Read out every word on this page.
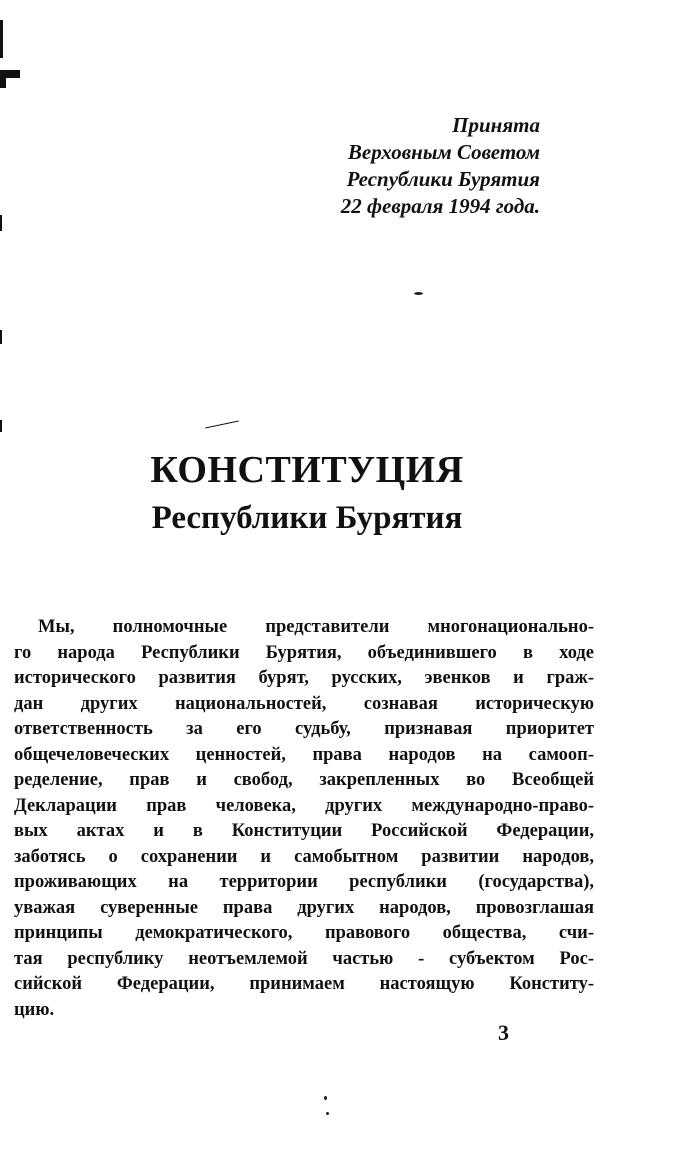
Принята
Верховным Советом
Республики Бурятия
22 февраля 1994 года.
КОНСТИТУЦИЯ
Республики Бурятия
Мы, полномочные представители многонационально-
го народа Республики Бурятия, объединившего в ходе
исторического развития бурят, русских, эвенков и граж-
дан других национальностей, сознавая историческую
ответственность за его судьбу, признавая приоритет
общечеловеческих ценностей, права народов на самооп-
ределение, прав и свобод, закрепленных во Всеобщей
Декларации прав человека, других международно-право-
вых актах и в Конституции Российской Федерации,
заботясь о сохранении и самобытном развитии народов,
проживающих на территории республики (государства),
уважая суверенные права других народов, провозглашая
принципы демократического, правового общества, счи-
тая республику неотъемлемой частью - субъектом Рос-
сийской Федерации, принимаем настоящую Конститу-
цию.
3
